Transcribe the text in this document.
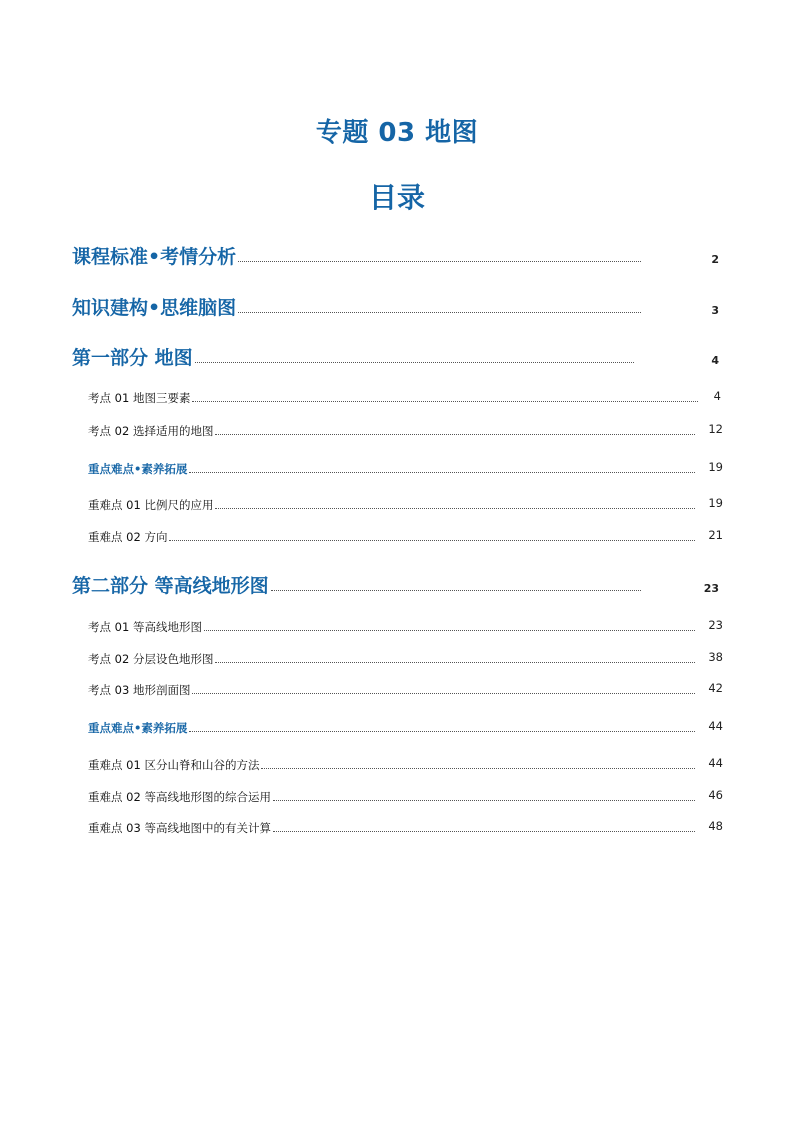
专题 03 地图
目录
课程标准•考情分析	2
知识建构•思维脑图	3
第一部分 地图	4
考点 01 地图三要素	4
考点 02 选择适用的地图	12
重点难点•素养拓展	19
重难点 01 比例尺的应用	19
重难点 02 方向	21
第二部分 等高线地形图	23
考点 01 等高线地形图	23
考点 02 分层设色地形图	38
考点 03 地形剖面图	42
重点难点•素养拓展	44
重难点 01 区分山脊和山谷的方法	44
重难点 02 等高线地形图的综合运用	46
重难点 03 等高线地图中的有关计算	48
